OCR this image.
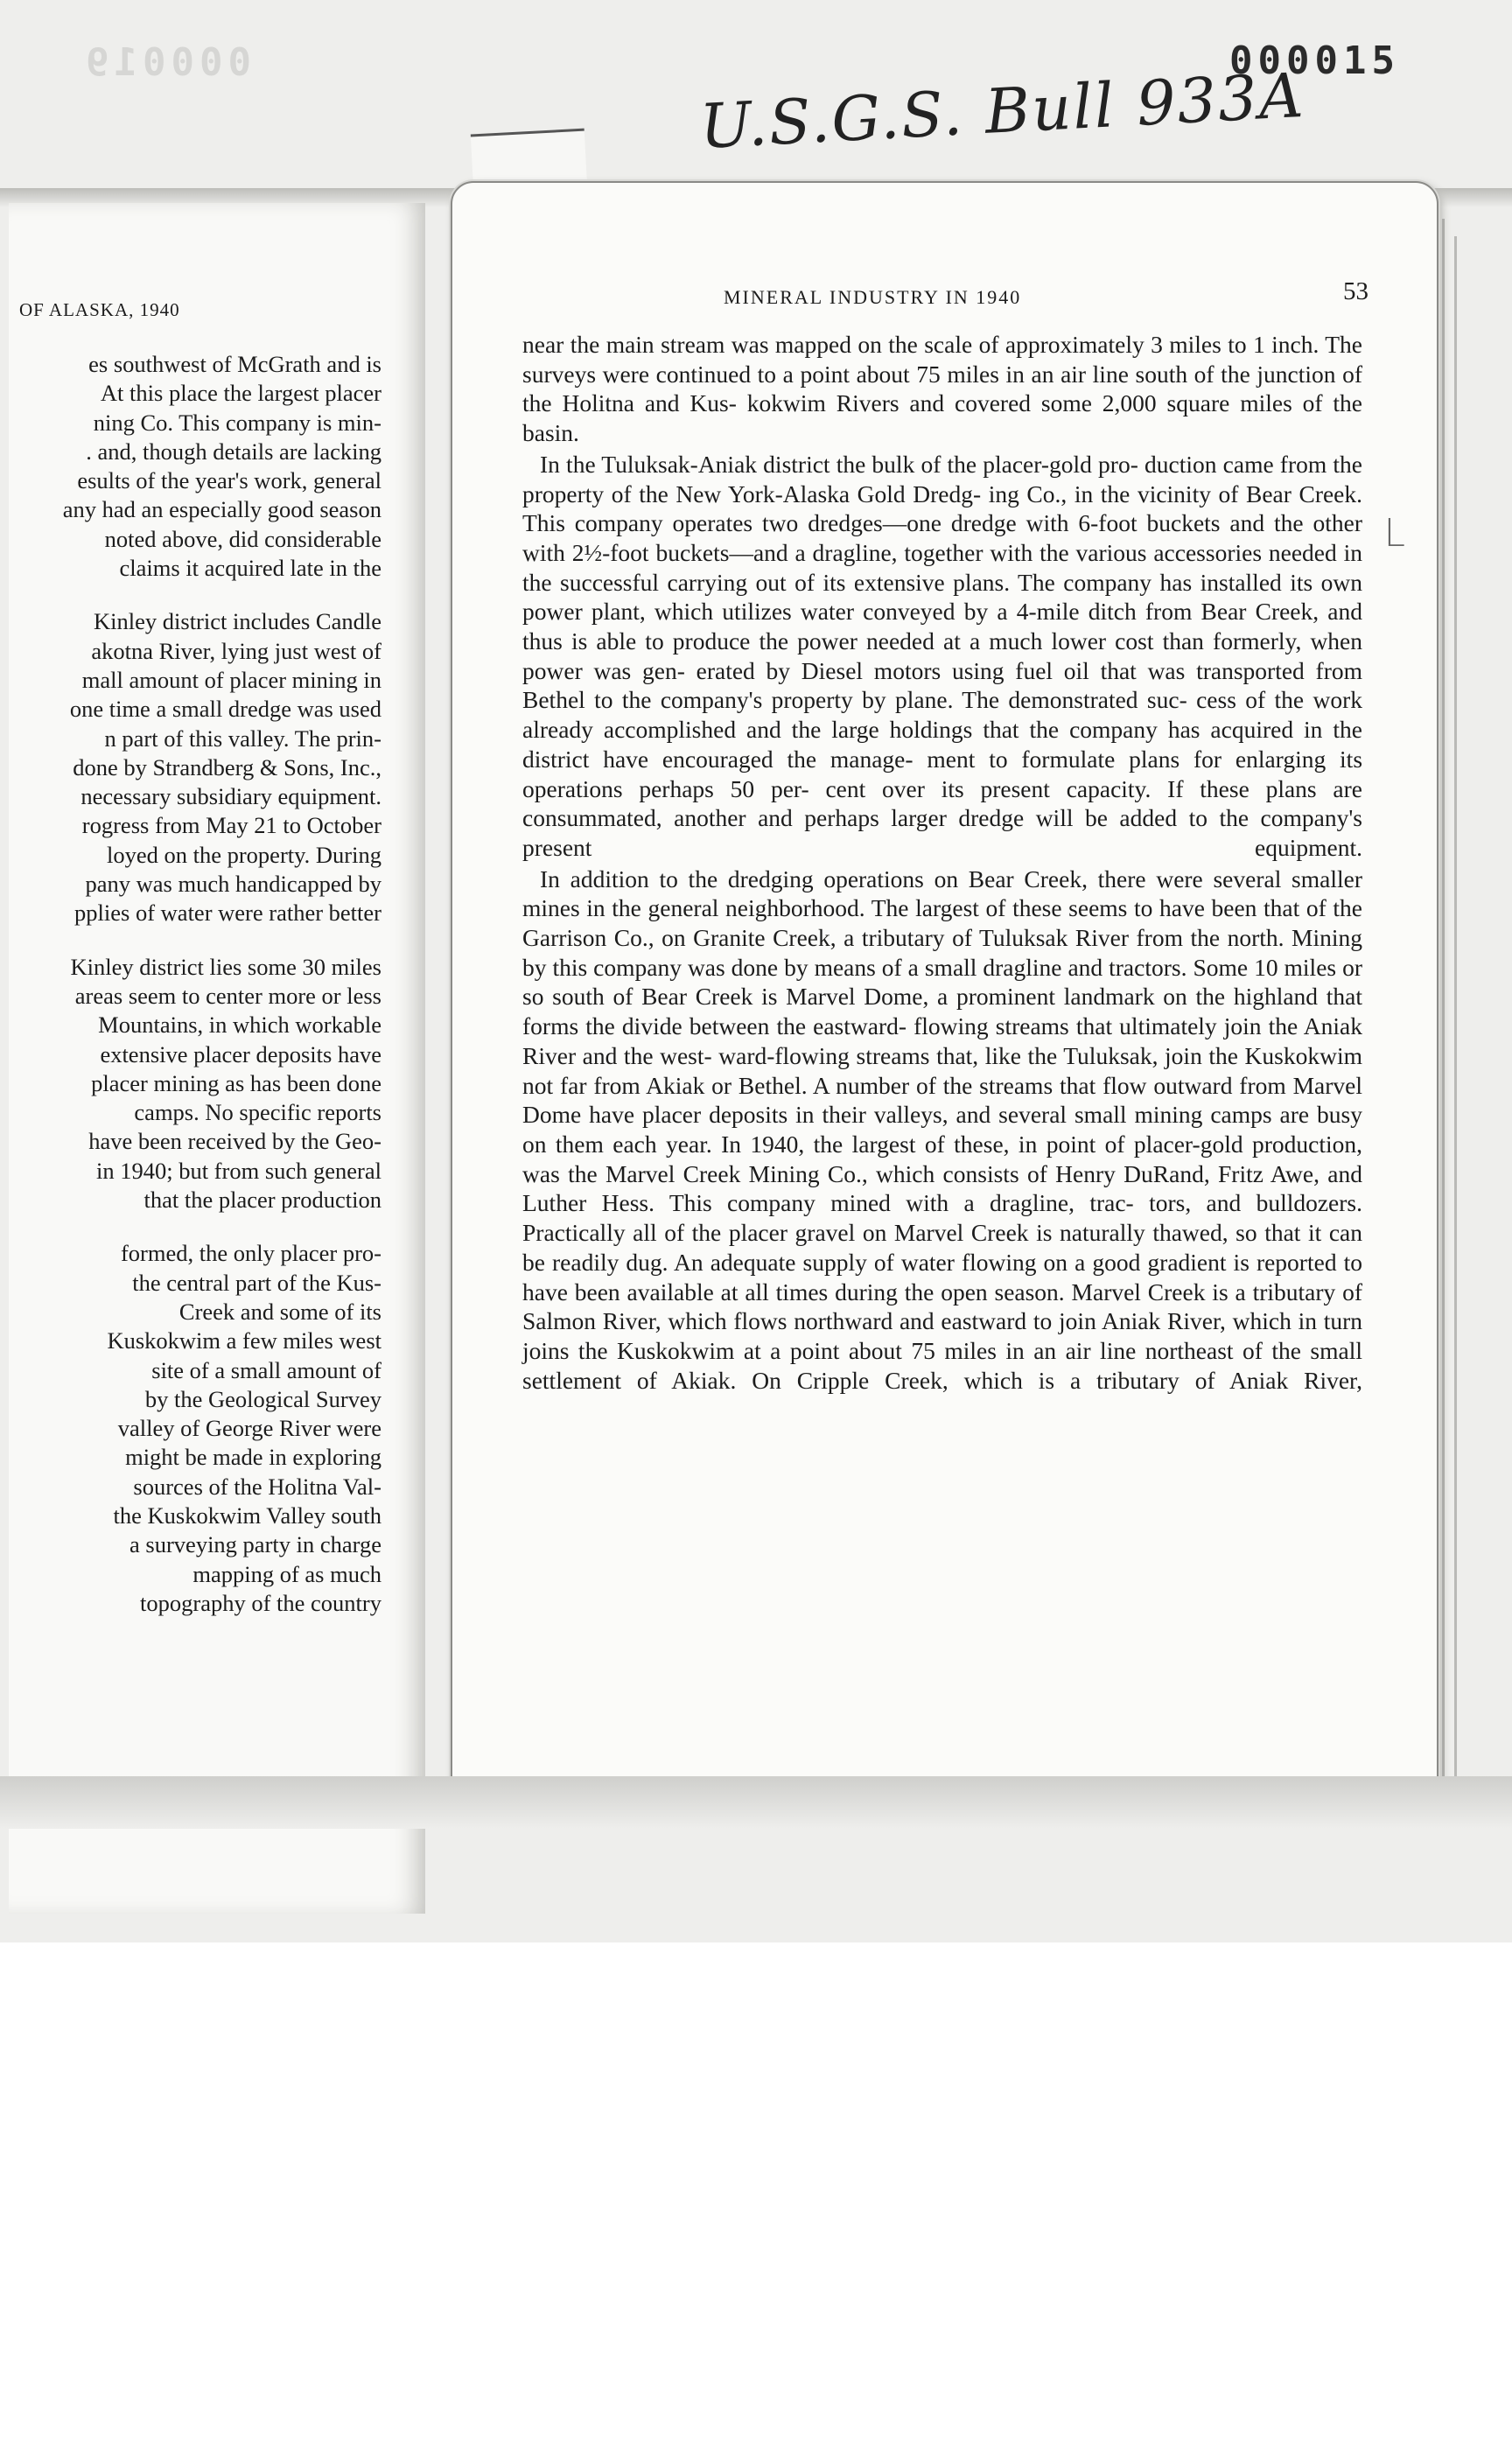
000019	000015
U.S.G.S. Bull 933A
OF ALASKA, 1940
es southwest of McGrath and is
At this place the largest placer
ning Co. This company is min-
. and, though details are lacking
esults of the year's work, general
any had an especially good season
noted above, did considerable
claims it acquired late in the
Kinley district includes Candle
akotna River, lying just west of
mall amount of placer mining in
one time a small dredge was used
n part of this valley. The prin-
done by Strandberg & Sons, Inc.,
necessary subsidiary equipment.
rogress from May 21 to October
loyed on the property. During
pany was much handicapped by
pplies of water were rather better
Kinley district lies some 30 miles
areas seem to center more or less
Mountains, in which workable
extensive placer deposits have
placer mining as has been done
camps. No specific reports
have been received by the Geo-
in 1940; but from such general
that the placer production
formed, the only placer pro-
the central part of the Kus-
Creek and some of its
Kuskokwim a few miles west
site of a small amount of
by the Geological Survey
valley of George River were
might be made in exploring
sources of the Holitna Val-
the Kuskokwim Valley south
a surveying party in charge
mapping of as much
topography of the country
MINERAL INDUSTRY IN 1940	53
L

near the main stream was mapped on the scale of approximately 3 miles to 1 inch. The surveys were continued to a point about 75 miles in an air line south of the junction of the Holitna and Kus- kokwim Rivers and covered some 2,000 square miles of the basin.

In the Tuluksak-Aniak district the bulk of the placer-gold pro- duction came from the property of the New York-Alaska Gold Dredg- ing Co., in the vicinity of Bear Creek. This company operates two dredges—one dredge with 6-foot buckets and the other with 2½-foot buckets—and a dragline, together with the various accessories needed in the successful carrying out of its extensive plans. The company has installed its own power plant, which utilizes water conveyed by a 4-mile ditch from Bear Creek, and thus is able to produce the power needed at a much lower cost than formerly, when power was gen- erated by Diesel motors using fuel oil that was transported from Bethel to the company's property by plane. The demonstrated suc- cess of the work already accomplished and the large holdings that the company has acquired in the district have encouraged the manage- ment to formulate plans for enlarging its operations perhaps 50 per- cent over its present capacity. If these plans are consummated, another and perhaps larger dredge will be added to the company's present equipment.

In addition to the dredging operations on Bear Creek, there were several smaller mines in the general neighborhood. The largest of these seems to have been that of the Garrison Co., on Granite Creek, a tributary of Tuluksak River from the north. Mining by this company was done by means of a small dragline and tractors. Some 10 miles or so south of Bear Creek is Marvel Dome, a prominent landmark on the highland that forms the divide between the eastward- flowing streams that ultimately join the Aniak River and the west- ward-flowing streams that, like the Tuluksak, join the Kuskokwim not far from Akiak or Bethel. A number of the streams that flow outward from Marvel Dome have placer deposits in their valleys, and several small mining camps are busy on them each year. In 1940, the largest of these, in point of placer-gold production, was the Marvel Creek Mining Co., which consists of Henry DuRand, Fritz Awe, and Luther Hess. This company mined with a dragline, trac- tors, and bulldozers. Practically all of the placer gravel on Marvel Creek is naturally thawed, so that it can be readily dug. An adequate supply of water flowing on a good gradient is reported to have been available at all times during the open season. Marvel Creek is a tributary of Salmon River, which flows northward and eastward to join Aniak River, which in turn joins the Kuskokwim at a point about 75 miles in an air line northeast of the small settlement of Akiak. On Cripple Creek, which is a tributary of Aniak River,
